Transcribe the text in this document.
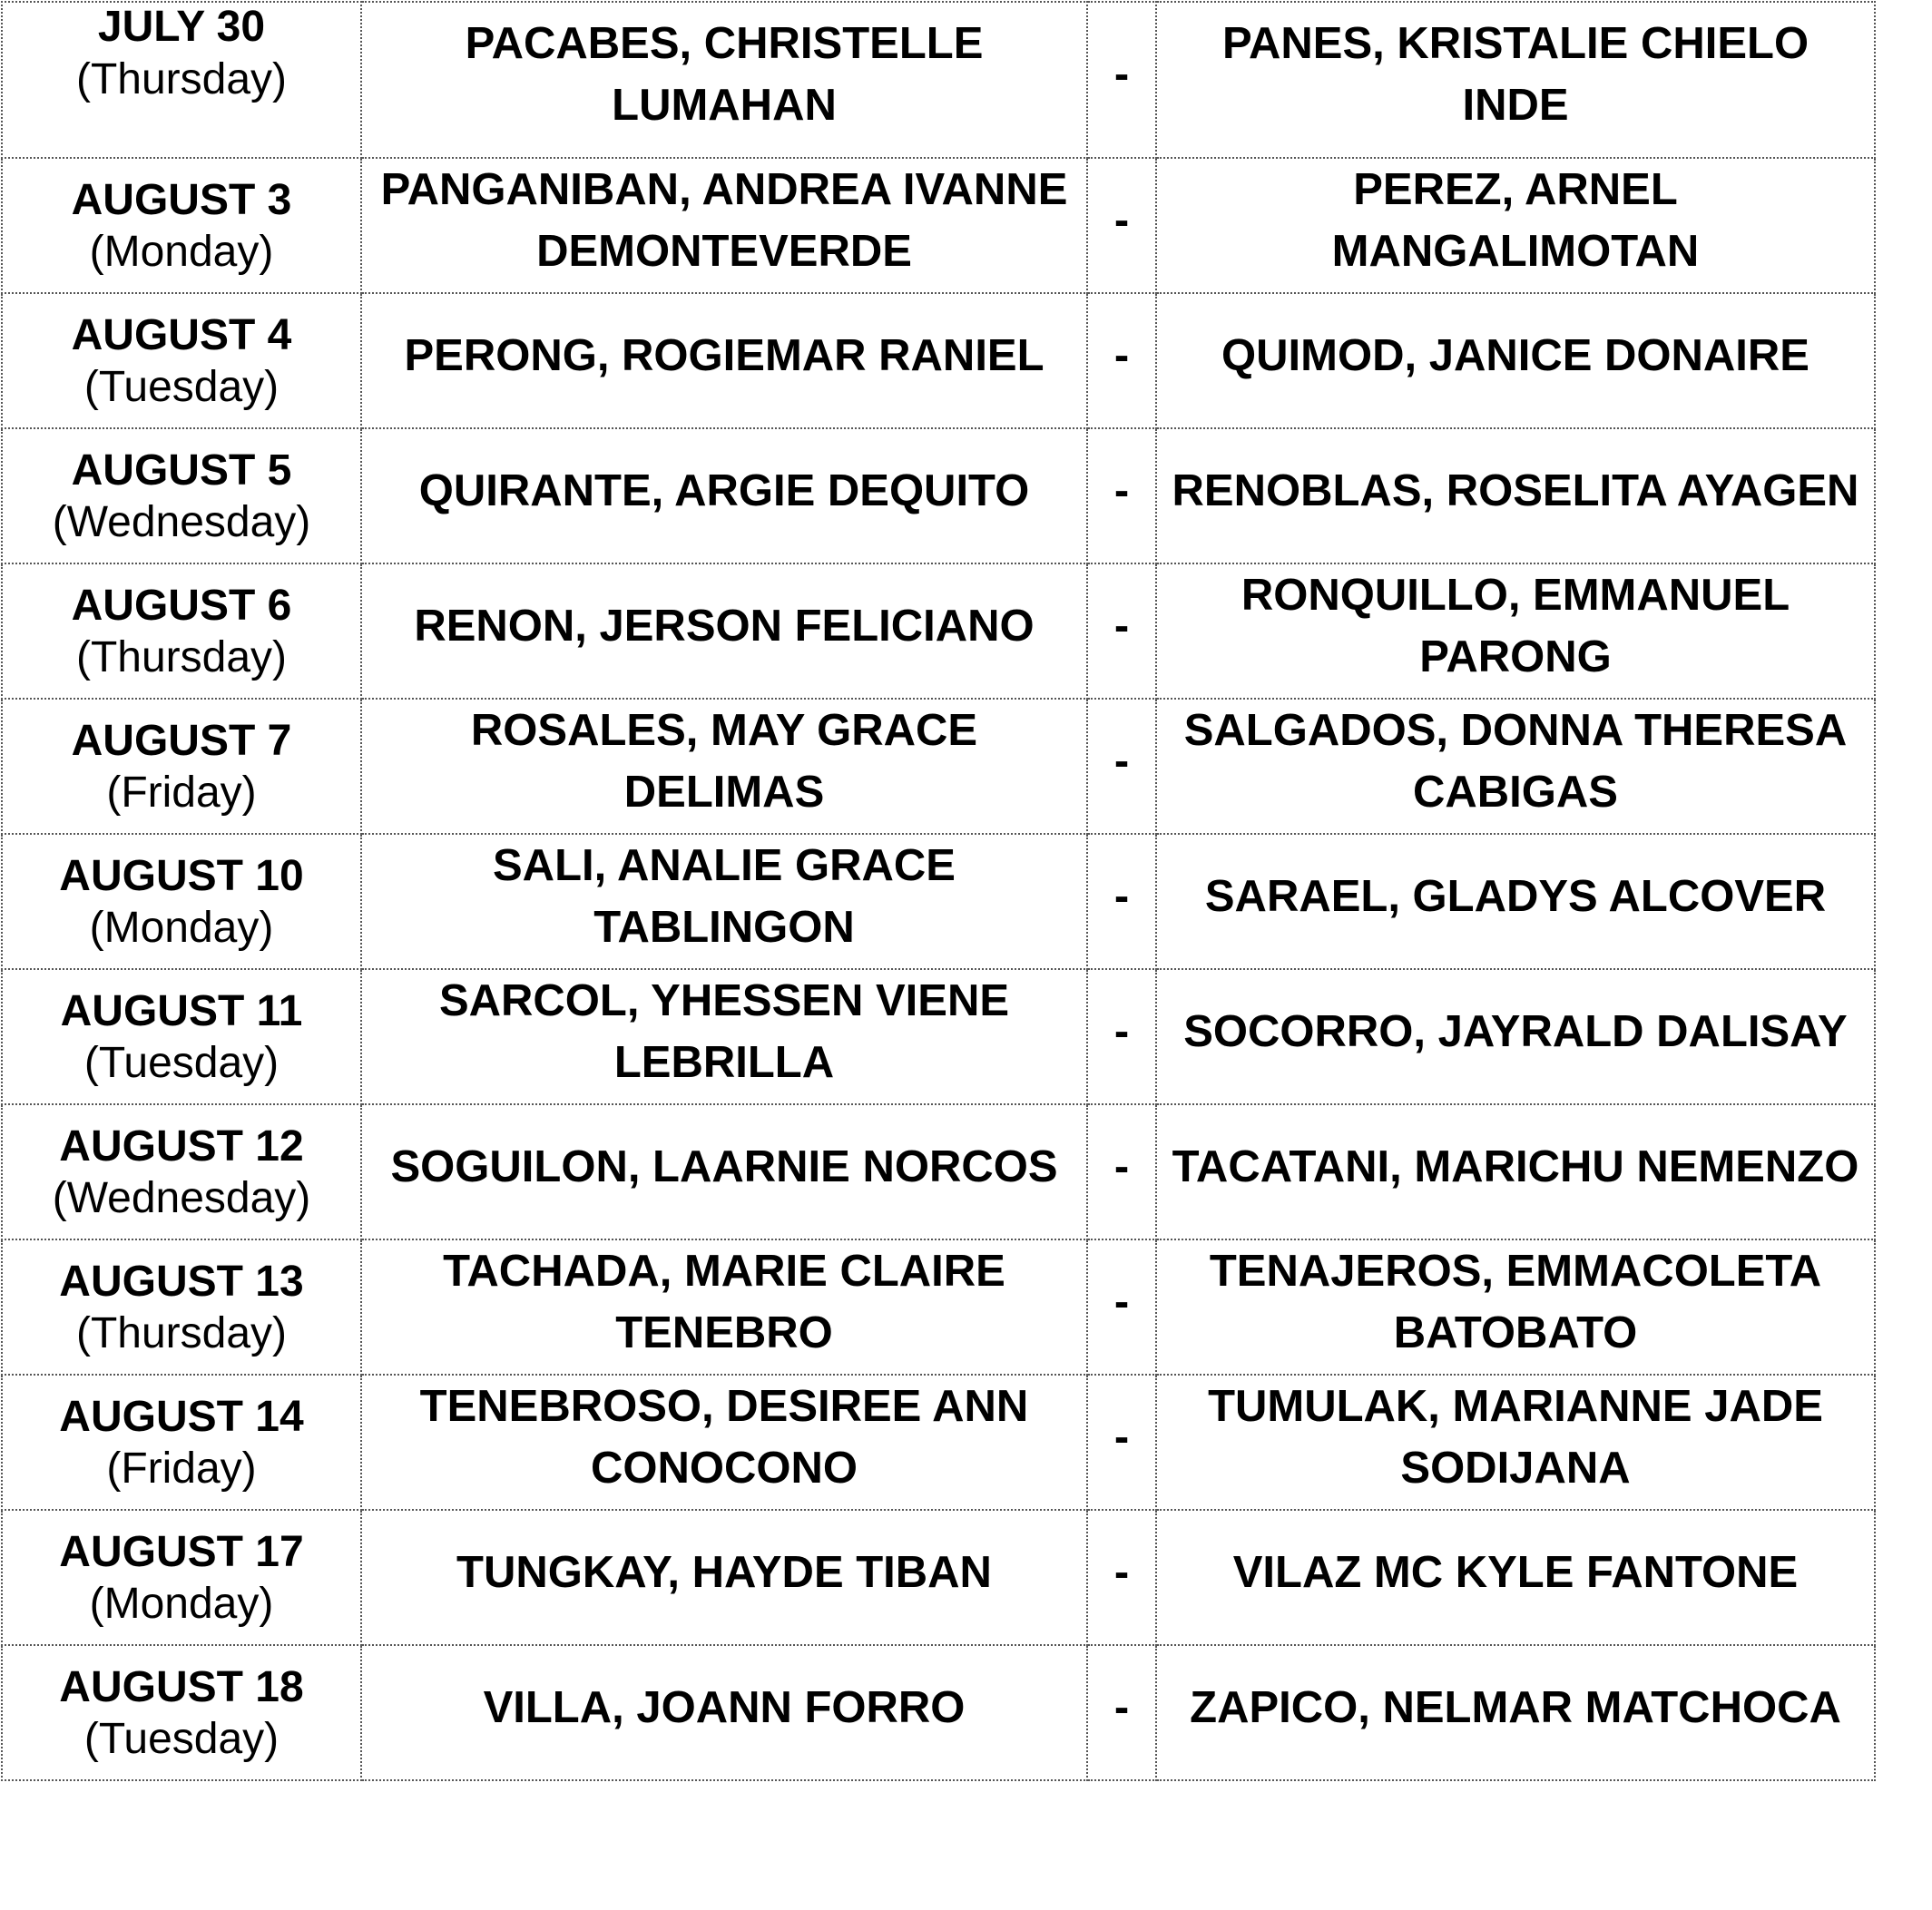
JULY 30
(Thursday)	PACABES, CHRISTELLE LUMAHAN	-	PANES, KRISTALIE CHIELO INDE

AUGUST 3
(Monday)	PANGANIBAN, ANDREA IVANNE DEMONTEVERDE	-	PEREZ, ARNEL MANGALIMOTAN

AUGUST 4
(Tuesday)	PERONG, ROGIEMAR RANIEL	-	QUIMOD, JANICE DONAIRE

AUGUST 5
(Wednesday)	QUIRANTE, ARGIE DEQUITO	-	RENOBLAS, ROSELITA AYAGEN

AUGUST 6
(Thursday)	RENON, JERSON FELICIANO	-	RONQUILLO, EMMANUEL PARONG

AUGUST 7
(Friday)	ROSALES, MAY GRACE DELIMAS	-	SALGADOS, DONNA THERESA CABIGAS

AUGUST 10
(Monday)	SALI, ANALIE GRACE TABLINGON	-	SARAEL, GLADYS ALCOVER

AUGUST 11
(Tuesday)	SARCOL, YHESSEN VIENE LEBRILLA	-	SOCORRO, JAYRALD DALISAY

AUGUST 12
(Wednesday)	SOGUILON, LAARNIE NORCOS	-	TACATANI, MARICHU NEMENZO

AUGUST 13
(Thursday)	TACHADA, MARIE CLAIRE TENEBRO	-	TENAJEROS, EMMACOLETA BATOBATO

AUGUST 14
(Friday)	TENEBROSO, DESIREE ANN CONOCONO	-	TUMULAK, MARIANNE JADE SODIJANA

AUGUST 17
(Monday)	TUNGKAY, HAYDE TIBAN	-	VILAZ MC KYLE FANTONE

AUGUST 18
(Tuesday)	VILLA, JOANN FORRO	-	ZAPICO, NELMAR MATCHOCA
